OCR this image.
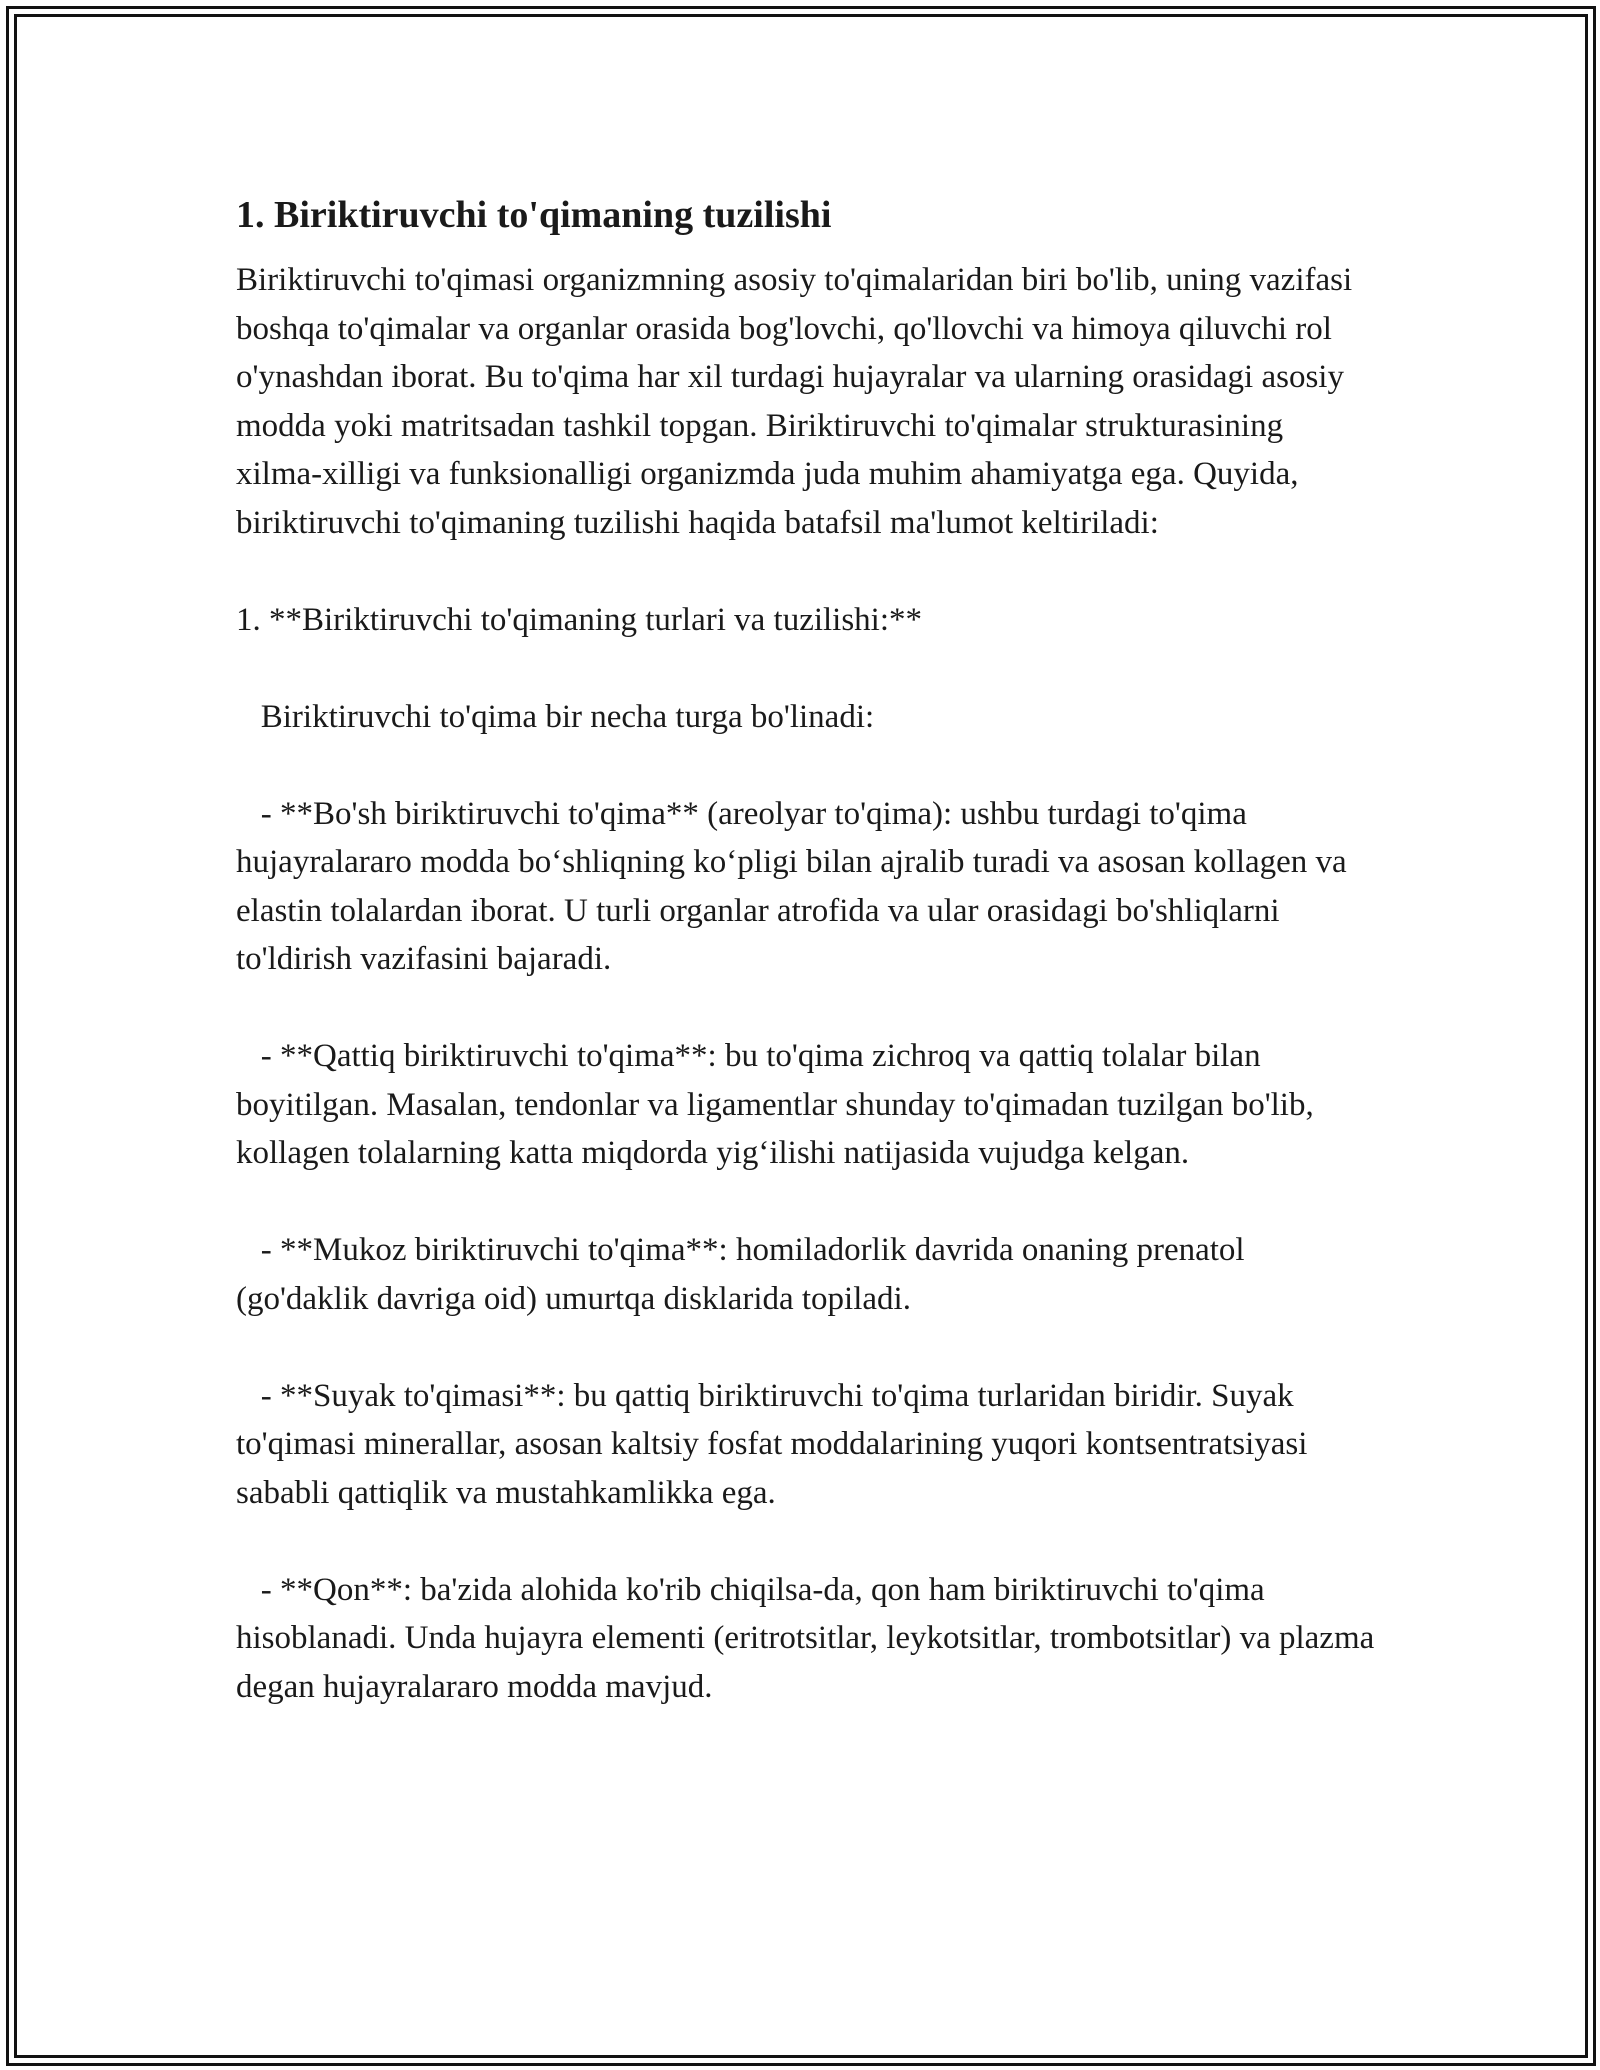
1. Biriktiruvchi to'qimaning tuzilishi

Biriktiruvchi to'qimasi organizmning asosiy to'qimalaridan biri bo'lib, uning vazifasi boshqa to'qimalar va organlar orasida bog'lovchi, qo'llovchi va himoya qiluvchi rol o'ynashdan iborat. Bu to'qima har xil turdagi hujayralar va ularning orasidagi asosiy modda yoki matritsadan tashkil topgan. Biriktiruvchi to'qimalar strukturasining xilma-xilligi va funksionalligi organizmda juda muhim ahamiyatga ega. Quyida, biriktiruvchi to'qimaning tuzilishi haqida batafsil ma'lumot keltiriladi:

1. **Biriktiruvchi to'qimaning turlari va tuzilishi:**

Biriktiruvchi to'qima bir necha turga bo'linadi:

- **Bo'sh biriktiruvchi to'qima** (areolyar to'qima): ushbu turdagi to'qima hujayralararo modda bo‘shliqning ko‘pligi bilan ajralib turadi va asosan kollagen va elastin tolalardan iborat. U turli organlar atrofida va ular orasidagi bo'shliqlarni to'ldirish vazifasini bajaradi.

- **Qattiq biriktiruvchi to'qima**: bu to'qima zichroq va qattiq tolalar bilan boyitilgan. Masalan, tendonlar va ligamentlar shunday to'qimadan tuzilgan bo'lib, kollagen tolalarning katta miqdorda yig‘ilishi natijasida vujudga kelgan.

- **Mukoz biriktiruvchi to'qima**: homiladorlik davrida onaning prenatol (go'daklik davriga oid) umurtqa disklarida topiladi.

- **Suyak to'qimasi**: bu qattiq biriktiruvchi to'qima turlaridan biridir. Suyak to'qimasi minerallar, asosan kaltsiy fosfat moddalarining yuqori kontsentratsiyasi sababli qattiqlik va mustahkamlikka ega.

- **Qon**: ba'zida alohida ko'rib chiqilsa-da, qon ham biriktiruvchi to'qima hisoblanadi. Unda hujayra elementi (eritrotsitlar, leykotsitlar, trombotsitlar) va plazma degan hujayralararo modda mavjud.
